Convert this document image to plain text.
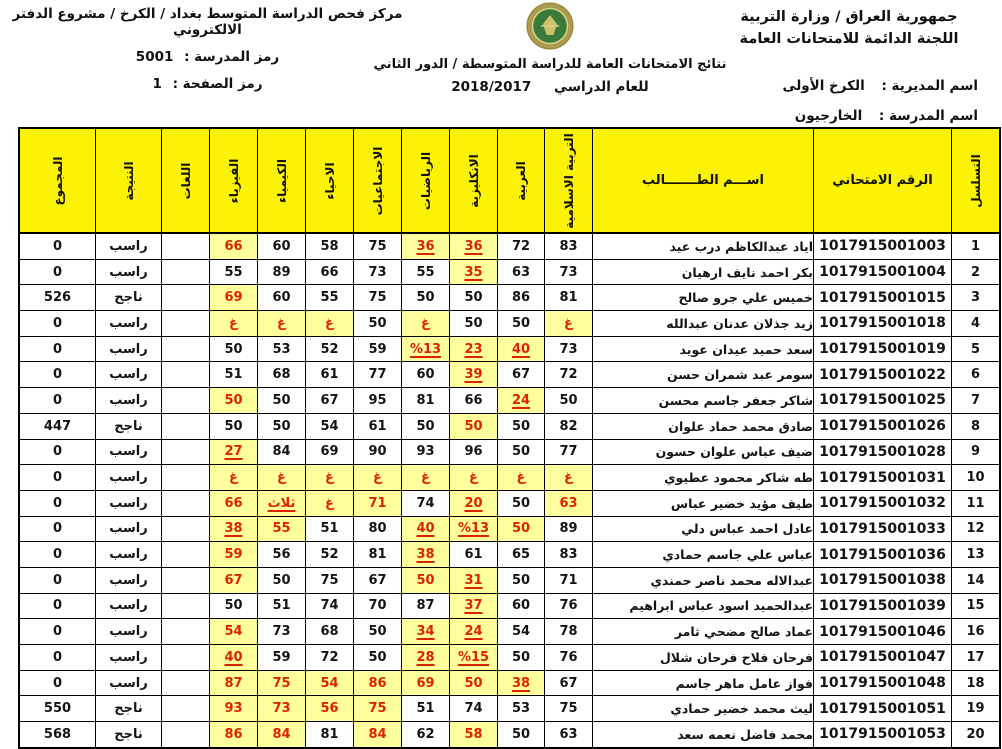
جمهورية العراق / وزارة التربية
اللجنة الدائمة للامتحانات العامة
اسم المديرية : الكرخ الأولى
اسم المدرسة : الخارجيون
نتائج الامتحانات العامة للدراسة المتوسطة / الدور الثاني
للعام الدراسي 2018/2017
مركز فحص الدراسة المتوسط بغداد / الكرخ / مشروع الدفتر الالكتروني
رمز المدرسة : 5001
رمز الصفحة : 1
التسلسل	الرقم الامتحاني	اســـم الطـــــــالب	التربية الاسلامية	العربية	الانكليزية	الرياضيات	الاجتماعيات	الاحياء	الكيمياء	الفيزياء	اللغات	النتيجة	المجموع

1	1017915001003	اياد عبدالكاظم درب عيد	83	72	36	36	75	58	60	66		راسب	0
2	1017915001004	بكر احمد نايف ارهيان	73	63	35	55	73	66	89	55		راسب	0
3	1017915001015	خميس علي جرو صالح	81	86	50	50	75	55	60	69		ناجح	526
4	1017915001018	زيد جذلان عدنان عبدالله	غ	50	50	غ	50	غ	غ	غ		راسب	0
5	1017915001019	سعد حميد عيدان عويد	73	40	23	%13	59	52	53	50		راسب	0
6	1017915001022	سومر عبد شمران حسن	72	67	39	60	77	61	68	51		راسب	0
7	1017915001025	شاكر جعفر جاسم محسن	50	24	66	81	95	67	50	50		راسب	0
8	1017915001026	صادق محمد حماد علوان	82	50	50	50	61	54	50	50		ناجح	447
9	1017915001028	ضيف عباس علوان حسون	77	50	96	93	90	69	84	27		راسب	0
10	1017915001031	طه شاكر محمود عطيوي	غ	غ	غ	غ	غ	غ	غ	غ		راسب	0
11	1017915001032	طيف مؤيد خضير عباس	63	50	20	74	71	غ	ثلاث	66		راسب	0
12	1017915001033	عادل احمد عباس دلي	89	50	%13	40	80	51	55	38		راسب	0
13	1017915001036	عباس علي جاسم حمادي	83	65	61	38	81	52	56	59		راسب	0
14	1017915001038	عبدالاله محمد ناصر حمندي	71	50	31	50	67	75	50	67		راسب	0
15	1017915001039	عبدالحميد اسود عباس ابراهيم	76	60	37	87	70	74	51	50		راسب	0
16	1017915001046	عماد صالح مضحي ثامر	78	54	24	34	50	68	73	54		راسب	0
17	1017915001047	فرحان فلاح فرحان شلال	76	50	%15	28	50	72	59	40		راسب	0
18	1017915001048	فواز عامل ماهر جاسم	67	38	50	69	86	54	75	87		راسب	0
19	1017915001051	ليث محمد خضير حمادي	75	53	74	51	75	56	73	93		ناجح	550
20	1017915001053	محمد فاضل نعمه سعد	63	50	58	62	84	81	84	86		ناجح	568
